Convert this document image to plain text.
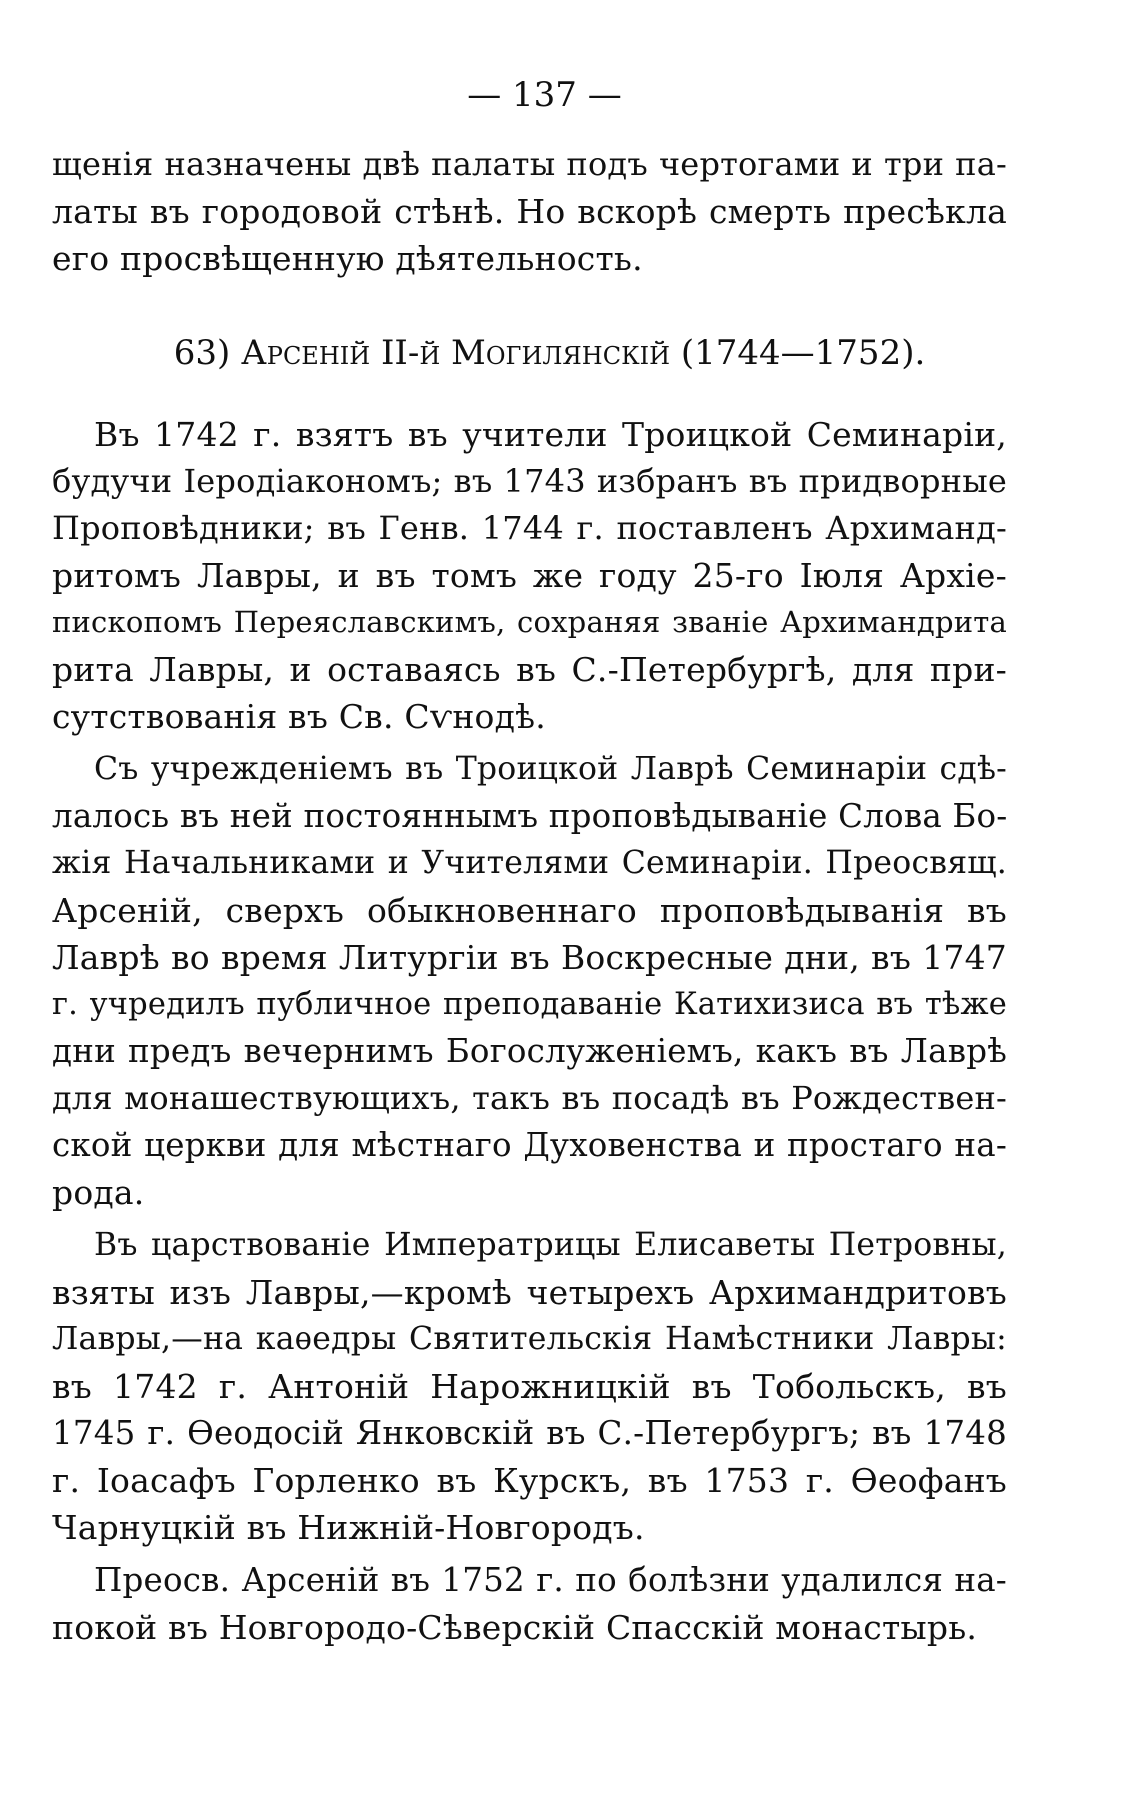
— 137 —
щенія назначены двѣ палаты подъ чертогами и три па-
латы въ городовой стѣнѣ. Но вскорѣ смерть пресѣкла
его просвѣщенную дѣятельность.
63) Арсеній II-й Могилянскій (1744—1752).
Въ 1742 г. взятъ въ учители Троицкой Семинаріи,
будучи Іеродіакономъ; въ 1743 избранъ въ придворные
Проповѣдники; въ Генв. 1744 г. поставленъ Архиманд-
ритомъ Лавры, и въ томъ же году 25-го Іюля Архіе-
пископомъ Переяславскимъ, сохраняя званіе Архимандрита
рита Лавры, и оставаясь въ С.-Петербургѣ, для при-
сутствованія въ Св. Сѵнодѣ.
Съ учрежденіемъ въ Троицкой Лаврѣ Семинаріи сдѣ-
лалось въ ней постояннымъ проповѣдываніе Слова Бо-
жія Начальниками и Учителями Семинаріи. Преосвящ.
Арсеній, сверхъ обыкновеннаго проповѣдыванія въ
Лаврѣ во время Литургіи въ Воскресные дни, въ 1747
г. учредилъ публичное преподаваніе Катихизиса въ тѣже
дни предъ вечернимъ Богослуженіемъ, какъ въ Лаврѣ
для монашествующихъ, такъ въ посадѣ въ Рождествен-
ской церкви для мѣстнаго Духовенства и простаго на-
рода.
Въ царствованіе Императрицы Елисаветы Петровны,
взяты изъ Лавры,—кромѣ четырехъ Архимандритовъ
Лавры,—на каѳедры Святительскія Намѣстники Лавры:
въ 1742 г. Антоній Нарожницкій въ Тобольскъ, въ
1745 г. Ѳеодосій Янковскій въ С.-Петербургъ; въ 1748
г. Іоасафъ Горленко въ Курскъ, въ 1753 г. Ѳеофанъ
Чарнуцкій въ Нижній-Новгородъ.
Преосв. Арсеній въ 1752 г. по болѣзни удалился на-
покой въ Новгородо-Сѣверскій Спасскій монастырь.
